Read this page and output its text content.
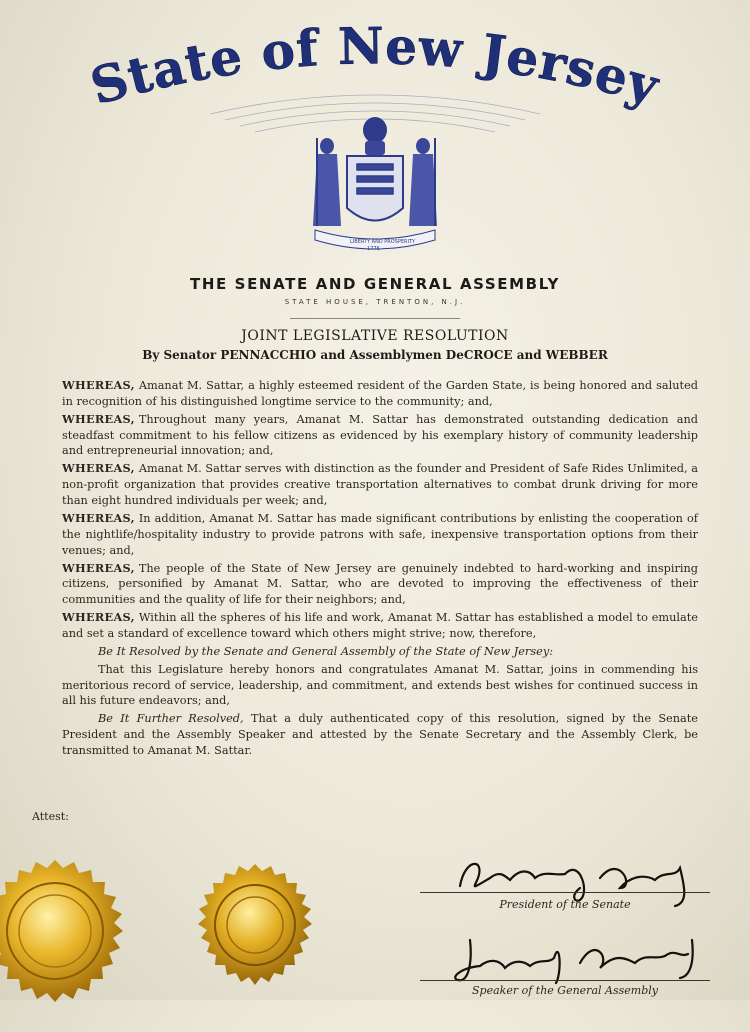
tate of New Jerse
LIBERTY AND PROSPERITY
1776
THE SENATE AND GENERAL ASSEMBLY
STATE HOUSE, TRENTON, N.J.
JOINT LEGISLATIVE RESOLUTION
By Senator PENNACCHIO and Assemblymen DeCROCE and WEBBER

WHEREAS, Amanat M. Sattar, a highly esteemed resident of the Garden State, is being honored and saluted in recognition of his distinguished longtime service to the community; and,

WHEREAS, Throughout many years, Amanat M. Sattar has demonstrated outstanding dedication and steadfast commitment to his fellow citizens as evidenced by his exemplary history of community leadership and entrepreneurial innovation; and,

WHEREAS, Amanat M. Sattar serves with distinction as the founder and President of Safe Rides Unlimited, a non-profit organization that provides creative transportation alternatives to combat drunk driving for more than eight hundred individuals per week; and,

WHEREAS, In addition, Amanat M. Sattar has made significant contributions by enlisting the cooperation of the nightlife/hospitality industry to provide patrons with safe, inexpensive transportation options from their venues; and,

WHEREAS, The people of the State of New Jersey are genuinely indebted to hard-working and inspiring citizens, personified by Amanat M. Sattar, who are devoted to improving the effectiveness of their communities and the quality of life for their neighbors; and,

WHEREAS, Within all the spheres of his life and work, Amanat M. Sattar has established a model to emulate and set a standard of excellence toward which others might strive; now, therefore,

Be It Resolved by the Senate and General Assembly of the State of New Jersey:

That this Legislature hereby honors and congratulates Amanat M. Sattar, joins in commending his meritorious record of service, leadership, and commitment, and extends best wishes for continued success in all his future endeavors; and,

Be It Further Resolved, That a duly authenticated copy of this resolution, signed by the Senate President and the Assembly Speaker and attested by the Senate Secretary and the Assembly Clerk, be transmitted to Amanat M. Sattar.

Attest:
President of the Senate
Speaker of the General Assembly
